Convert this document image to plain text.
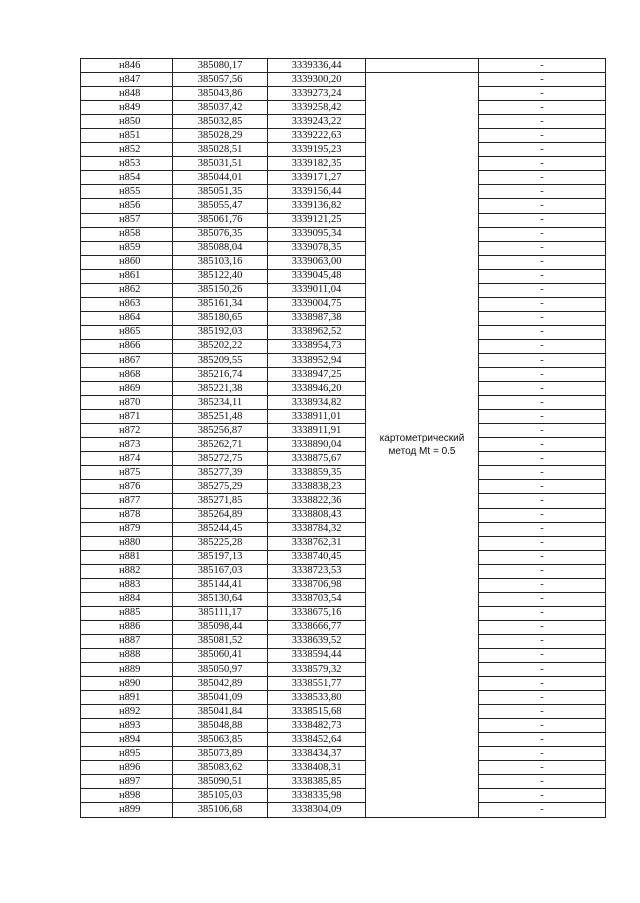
н846	385080,17	3339336,44		-
н847	385057,56	3339300,20	картометрический метод Mt = 0.5	-
н848	385043,86	3339273,24		-
н849	385037,42	3339258,42		-
н850	385032,85	3339243,22		-
н851	385028,29	3339222,63		-
н852	385028,51	3339195,23		-
н853	385031,51	3339182,35		-
н854	385044,01	3339171,27		-
н855	385051,35	3339156,44		-
н856	385055,47	3339136,82		-
н857	385061,76	3339121,25		-
н858	385076,35	3339095,34		-
н859	385088,04	3339078,35		-
н860	385103,16	3339063,00		-
н861	385122,40	3339045,48		-
н862	385150,26	3339011,04		-
н863	385161,34	3339004,75		-
н864	385180,65	3338987,38		-
н865	385192,03	3338962,52		-
н866	385202,22	3338954,73		-
н867	385209,55	3338952,94		-
н868	385216,74	3338947,25		-
н869	385221,38	3338946,20		-
н870	385234,11	3338934,82		-
н871	385251,48	3338911,01		-
н872	385256,87	3338911,91		-
н873	385262,71	3338890,04		-
н874	385272,75	3338875,67		-
н875	385277,39	3338859,35		-
н876	385275,29	3338838,23		-
н877	385271,85	3338822,36		-
н878	385264,89	3338808,43		-
н879	385244,45	3338784,32		-
н880	385225,28	3338762,31		-
н881	385197,13	3338740,45		-
н882	385167,03	3338723,53		-
н883	385144,41	3338706,98		-
н884	385130,64	3338703,54		-
н885	385111,17	3338675,16		-
н886	385098,44	3338666,77		-
н887	385081,52	3338639,52		-
н888	385060,41	3338594,44		-
н889	385050,97	3338579,32		-
н890	385042,89	3338551,77		-
н891	385041,09	3338533,80		-
н892	385041,84	3338515,68		-
н893	385048,88	3338482,73		-
н894	385063,85	3338452,64		-
н895	385073,89	3338434,37		-
н896	385083,62	3338408,31		-
н897	385090,51	3338385,85		-
н898	385105,03	3338335,98		-
н899	385106,68	3338304,09		-
